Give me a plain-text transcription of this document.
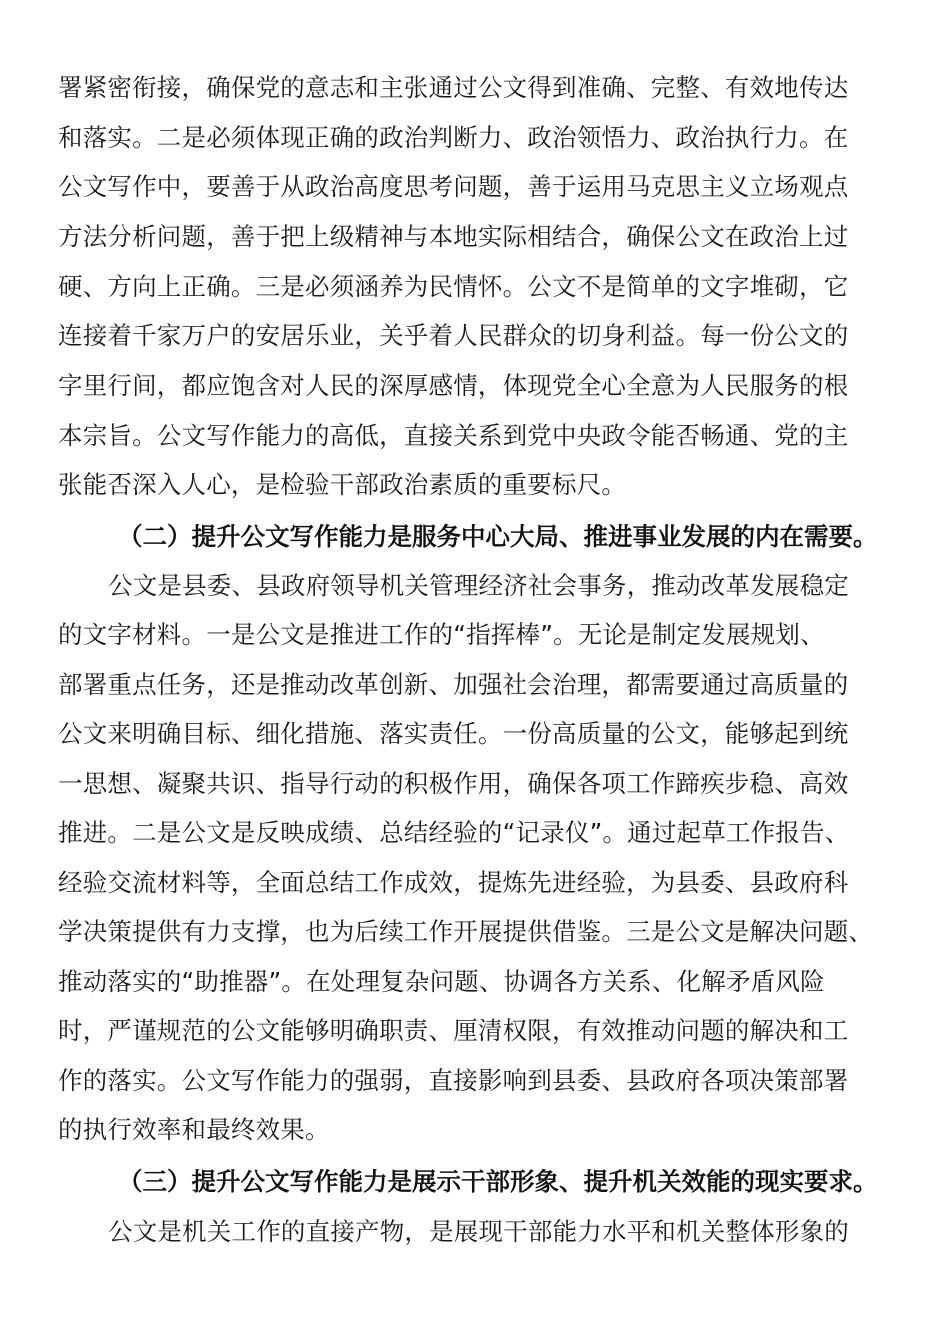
署紧密衔接，确保党的意志和主张通过公文得到准确、完整、有效地传达
和落实。二是必须体现正确的政治判断力、政治领悟力、政治执行力。在
公文写作中，要善于从政治高度思考问题，善于运用马克思主义立场观点
方法分析问题，善于把上级精神与本地实际相结合，确保公文在政治上过
硬、方向上正确。三是必须涵养为民情怀。公文不是简单的文字堆砌，它
连接着千家万户的安居乐业，关乎着人民群众的切身利益。每一份公文的
字里行间，都应饱含对人民的深厚感情，体现党全心全意为人民服务的根
本宗旨。公文写作能力的高低，直接关系到党中央政令能否畅通、党的主
张能否深入人心，是检验干部政治素质的重要标尺。
（二）提升公文写作能力是服务中心大局、推进事业发展的内在需要。
公文是县委、县政府领导机关管理经济社会事务，推动改革发展稳定
的文字材料。一是公文是推进工作的“指挥棒”。无论是制定发展规划、
部署重点任务，还是推动改革创新、加强社会治理，都需要通过高质量的
公文来明确目标、细化措施、落实责任。一份高质量的公文，能够起到统
一思想、凝聚共识、指导行动的积极作用，确保各项工作蹄疾步稳、高效
推进。二是公文是反映成绩、总结经验的“记录仪”。通过起草工作报告、
经验交流材料等，全面总结工作成效，提炼先进经验，为县委、县政府科
学决策提供有力支撑，也为后续工作开展提供借鉴。三是公文是解决问题、
推动落实的“助推器”。在处理复杂问题、协调各方关系、化解矛盾风险
时，严谨规范的公文能够明确职责、厘清权限，有效推动问题的解决和工
作的落实。公文写作能力的强弱，直接影响到县委、县政府各项决策部署
的执行效率和最终效果。
（三）提升公文写作能力是展示干部形象、提升机关效能的现实要求。
公文是机关工作的直接产物，是展现干部能力水平和机关整体形象的
